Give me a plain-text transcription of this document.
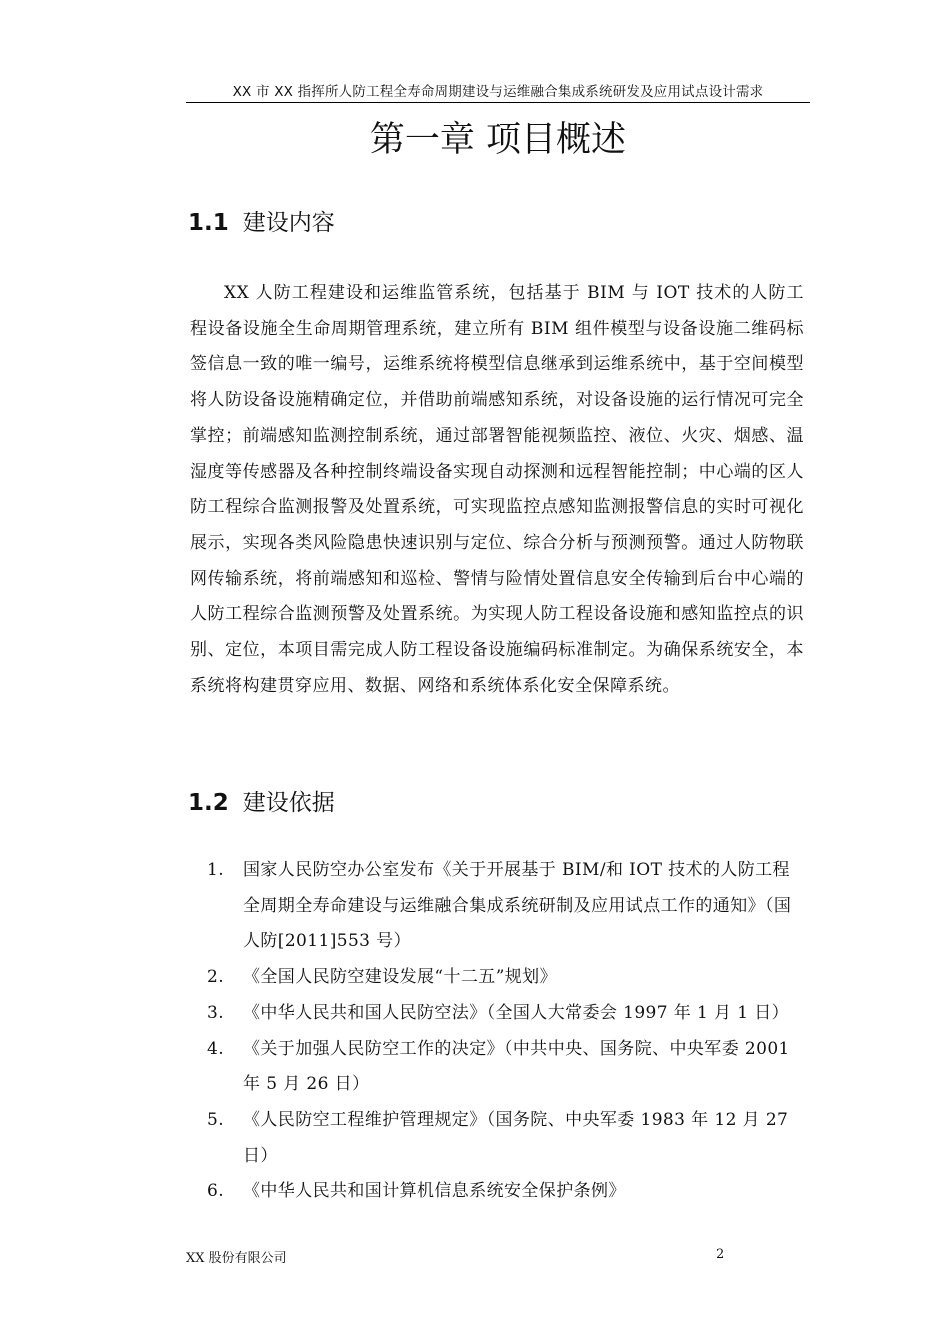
XX 市 XX 指挥所人防工程全寿命周期建设与运维融合集成系统研发及应用试点设计需求
第一章 项目概述
1.1 建设内容

XX 人防工程建设和运维监管系统，包括基于 BIM 与 IOT 技术的人防工程设备设施全生命周期管理系统，建立所有 BIM 组件模型与设备设施二维码标签信息一致的唯一编号，运维系统将模型信息继承到运维系统中，基于空间模型将人防设备设施精确定位，并借助前端感知系统，对设备设施的运行情况可完全掌控；前端感知监测控制系统，通过部署智能视频监控、液位、火灾、烟感、温湿度等传感器及各种控制终端设备实现自动探测和远程智能控制；中心端的区人防工程综合监测报警及处置系统，可实现监控点感知监测报警信息的实时可视化展示，实现各类风险隐患快速识别与定位、综合分析与预测预警。通过人防物联网传输系统，将前端感知和巡检、警情与险情处置信息安全传输到后台中心端的人防工程综合监测预警及处置系统。为实现人防工程设备设施和感知监控点的识别、定位，本项目需完成人防工程设备设施编码标准制定。为确保系统安全，本系统将构建贯穿应用、数据、网络和系统体系化安全保障系统。

1.2 建设依据
1. 国家人民防空办公室发布《关于开展基于 BIM/和 IOT 技术的人防工程全周期全寿命建设与运维融合集成系统研制及应用试点工作的通知》（国人防[2011]553 号）
2. 《全国人民防空建设发展“十二五”规划》
3. 《中华人民共和国人民防空法》（全国人大常委会 1997 年 1 月 1 日）
4. 《关于加强人民防空工作的决定》（中共中央、国务院、中央军委 2001 年 5 月 26 日）
5. 《人民防空工程维护管理规定》（国务院、中央军委 1983 年 12 月 27 日）
6. 《中华人民共和国计算机信息系统安全保护条例》
XX 股份有限公司	2
